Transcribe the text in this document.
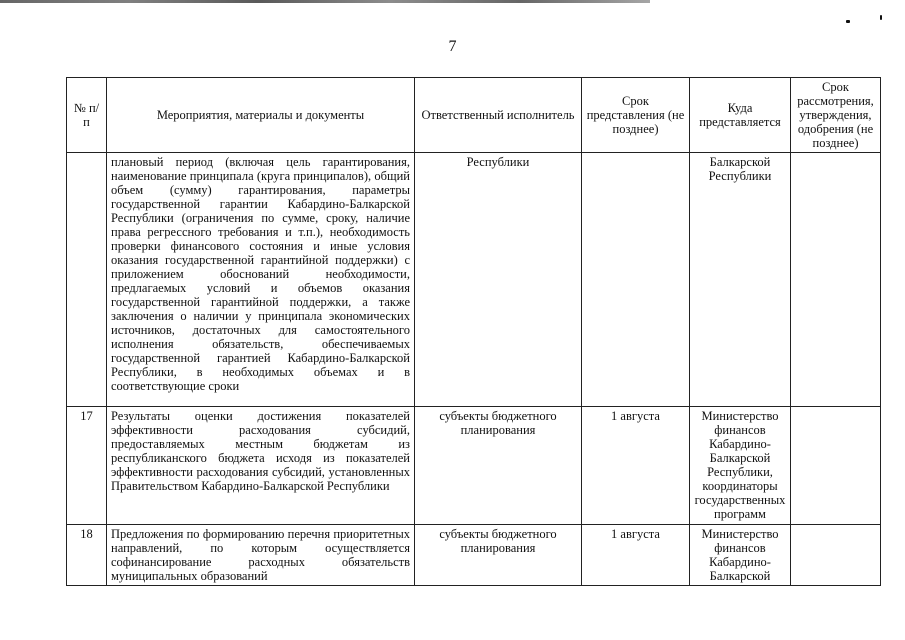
7
№ п/п	Мероприятия, материалы и документы	Ответственный исполнитель	Срок представления (не позднее)	Куда представляется	Срок рассмотрения, утверждения, одобрения (не позднее)
	плановый период (включая цель гарантирования, наименование принципала (круга принципалов), общий объем (сумму) гарантирования, параметры государственной гарантии Кабардино-Балкарской Республики (ограничения по сумме, сроку, наличие права регрессного требования и т.п.), необходимость проверки финансового состояния и иные условия оказания государственной гарантийной поддержки) с приложением обоснований необходимости, предлагаемых условий и объемов оказания государственной гарантийной поддержки, а также заключения о наличии у принципала экономических источников, достаточных для самостоятельного исполнения обязательств, обеспечиваемых государственной гарантией Кабардино-Балкарской Республики, в необходимых объемах и в соответствующие сроки	Республики		Балкарской Республики	
17	Результаты оценки достижения показателей эффективности расходования субсидий, предоставляемых местным бюджетам из республиканского бюджета исходя из показателей эффективности расходования субсидий, установленных Правительством Кабардино-Балкарской Республики	субъекты бюджетного планирования	1 августа	Министерство финансов Кабардино-Балкарской Республики, координаторы государственных программ	
18	Предложения по формированию перечня приоритетных направлений, по которым осуществляется софинансирование расходных обязательств муниципальных образований	субъекты бюджетного планирования	1 августа	Министерство финансов Кабардино-Балкарской	
